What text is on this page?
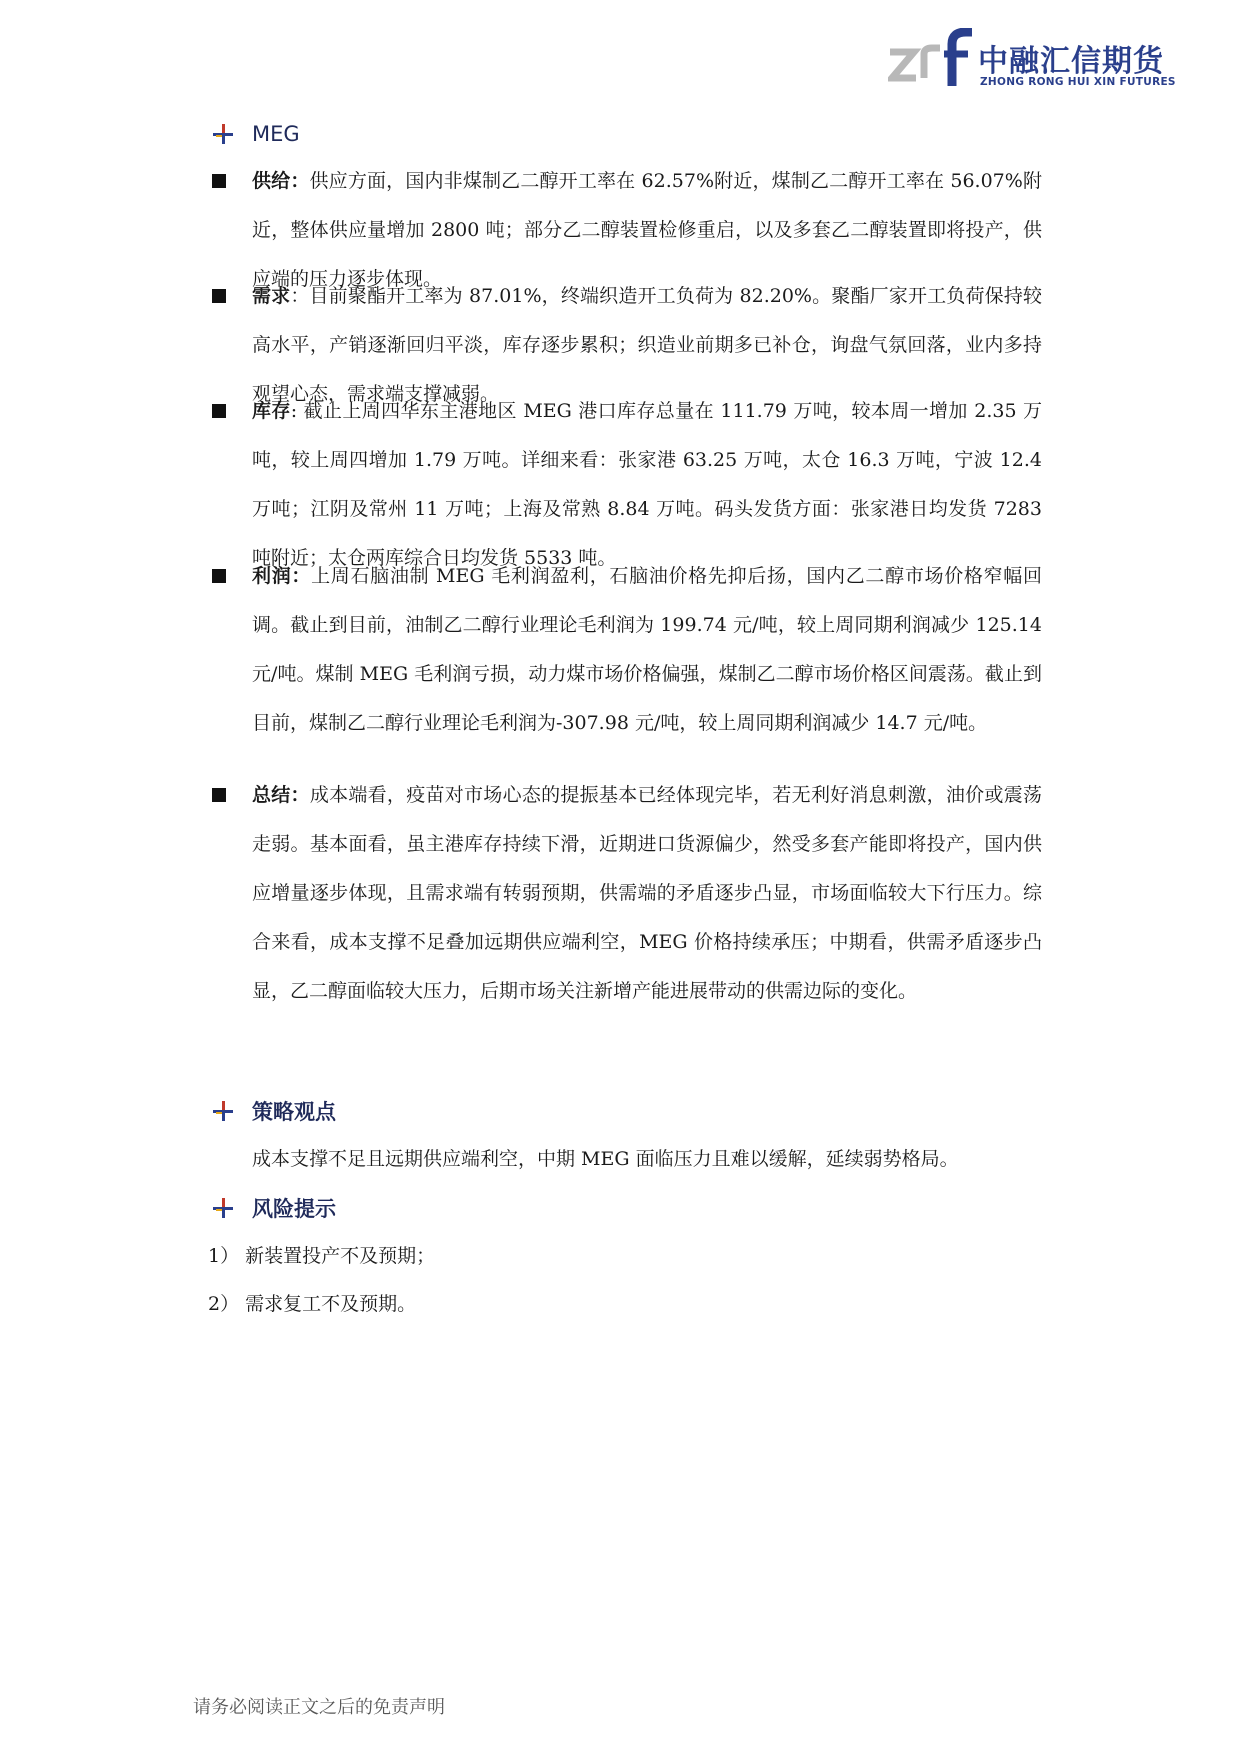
中融汇信期货
ZHONG RONG HUI XIN FUTURES
MEG
供给：供应方面，国内非煤制乙二醇开工率在 62.57%附近，煤制乙二醇开工率在 56.07%附近，整体供应量增加 2800 吨；部分乙二醇装置检修重启，以及多套乙二醇装置即将投产，供应端的压力逐步体现。
需求：目前聚酯开工率为 87.01%，终端织造开工负荷为 82.20%。聚酯厂家开工负荷保持较高水平，产销逐渐回归平淡，库存逐步累积；织造业前期多已补仓，询盘气氛回落，业内多持观望心态，需求端支撑减弱。
库存: 截止上周四华东主港地区 MEG 港口库存总量在 111.79 万吨，较本周一增加 2.35 万吨，较上周四增加 1.79 万吨。详细来看：张家港 63.25 万吨，太仓 16.3 万吨，宁波 12.4 万吨；江阴及常州 11 万吨；上海及常熟 8.84 万吨。码头发货方面：张家港日均发货 7283 吨附近；太仓两库综合日均发货 5533 吨。
利润：上周石脑油制 MEG 毛利润盈利，石脑油价格先抑后扬，国内乙二醇市场价格窄幅回调。截止到目前，油制乙二醇行业理论毛利润为 199.74 元/吨，较上周同期利润减少 125.14 元/吨。煤制 MEG 毛利润亏损，动力煤市场价格偏强，煤制乙二醇市场价格区间震荡。截止到目前，煤制乙二醇行业理论毛利润为-307.98 元/吨，较上周同期利润减少 14.7 元/吨。
总结：成本端看，疫苗对市场心态的提振基本已经体现完毕，若无利好消息刺激，油价或震荡走弱。基本面看，虽主港库存持续下滑，近期进口货源偏少，然受多套产能即将投产，国内供应增量逐步体现，且需求端有转弱预期，供需端的矛盾逐步凸显，市场面临较大下行压力。综合来看，成本支撑不足叠加远期供应端利空，MEG 价格持续承压；中期看，供需矛盾逐步凸显，乙二醇面临较大压力，后期市场关注新增产能进展带动的供需边际的变化。
策略观点
成本支撑不足且远期供应端利空，中期 MEG 面临压力且难以缓解，延续弱势格局。
风险提示
1） 新装置投产不及预期；
2） 需求复工不及预期。
请务必阅读正文之后的免责声明
